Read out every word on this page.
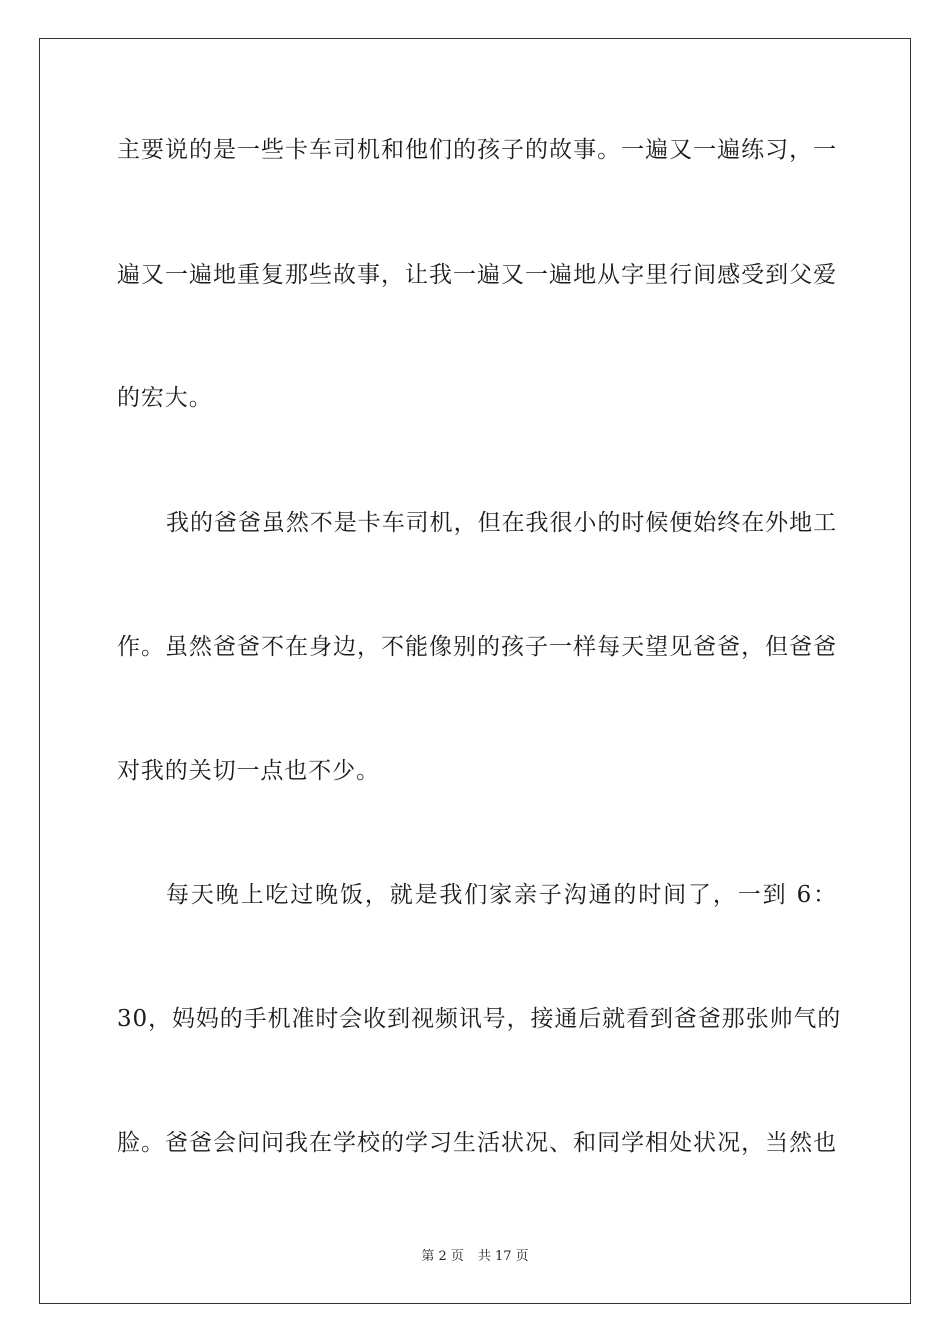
主要说的是一些卡车司机和他们的孩子的故事。一遍又一遍练习，一
遍又一遍地重复那些故事，让我一遍又一遍地从字里行间感受到父爱
的宏大。
我的爸爸虽然不是卡车司机，但在我很小的时候便始终在外地工
作。虽然爸爸不在身边，不能像别的孩子一样每天望见爸爸，但爸爸
对我的关切一点也不少。
每天晚上吃过晚饭，就是我们家亲子沟通的时间了，一到 6：
30，妈妈的手机准时会收到视频讯号，接通后就看到爸爸那张帅气的
脸。爸爸会问问我在学校的学习生活状况、和同学相处状况，当然也
第 2 页 共 17 页
